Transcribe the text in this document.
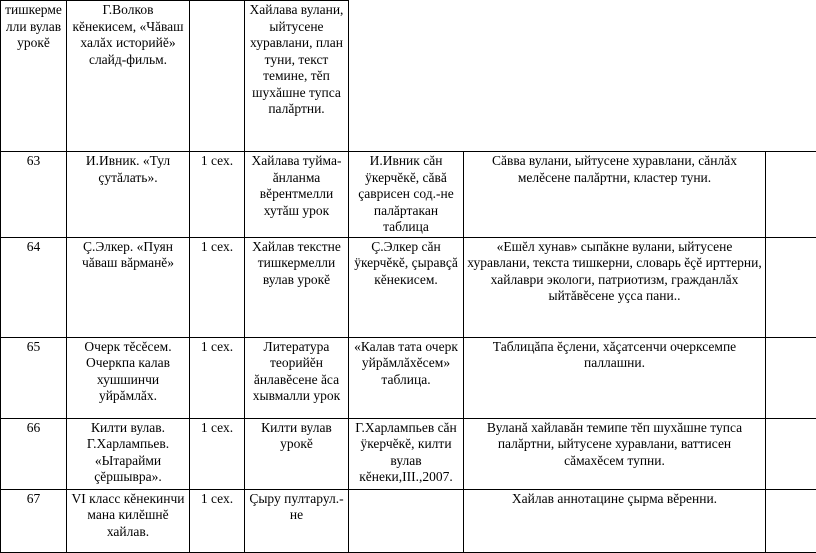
тишкермелли вулав урокĕ	Г.Волков кĕнекисем, «Чăваш халăх историйĕ» слайд-фильм.		Хайлава вулани, ыйтусене хуравлани, план туни, текст темине, тĕп шухăшне тупса палăртни.			
63	И.Ивник. «Тул çутăлать».	1 сех.	Хайлава туйма-ăнланма вĕрентмелли хутăш урок	И.Ивник сăн ÿкерчĕкĕ, сăвă çаврисен сод.-не палăртакан таблица	Сăвва вулани, ыйтусене хуравлани, сăнлăх мелĕсене палăртни, кластер туни.	
64	Ç.Элкер. «Пуян чăваш вăрманĕ»	1 сех.	Хайлав текстне тишкермелли вулав урокĕ	Ç.Элкер сăн ÿкерчĕкĕ, çыравçă кĕнекисем.	«Ешĕл хунав» сыпăкне вулани, ыйтусене хуравлани, текста тишкерни, словарь ĕçĕ ирттерни, хайлаври экологи, патриотизм, гражданлăх ыйтăвĕсене уçса пани..	
65	Очерк тĕсĕсем. Очеркпа калав хушшинчи уйрăмлăх.	1 сех.	Литература теорийĕн ăнлавĕсене ăса хывмалли урок	«Калав тата очерк уйрăмлăхĕсем» таблица.	Таблицăпа ĕçлени, хăçатсенчи очерксемпе паллашни.	
66	Килти вулав. Г.Харлампьев. «Ытарайми çĕршывра».	1 сех.	Килти вулав урокĕ	Г.Харлампьев сăн ÿкерчĕкĕ, килти вулав кĕнеки,III.,2007.	Вуланă хайлавăн темипе тĕп шухăшне тупса палăртни, ыйтусене хуравлани, ваттисен сăмахĕсем тупни.	
67	VI класс кĕнекинчи мана килĕшнĕ хайлав.	1 сех.	Çыру пултарул.-не		Хайлав аннотацине çырма вĕренни.	
